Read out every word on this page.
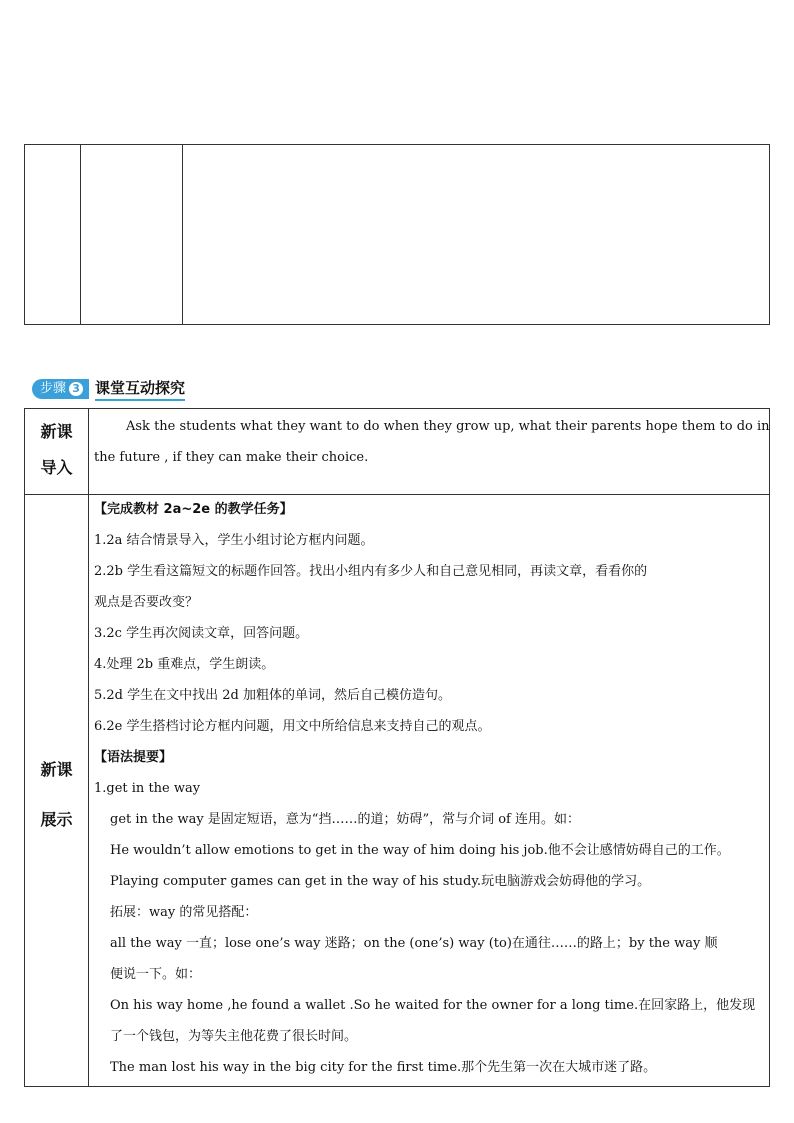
步骤 3 课堂互动探究
新课
导入
Ask the students what they want to do when they grow up, what their parents hope them to do in
the future , if they can make their choice.
新课
展示
【完成教材 2a~2e 的教学任务】
1.2a 结合情景导入，学生小组讨论方框内问题。
2.2b 学生看这篇短文的标题作回答。找出小组内有多少人和自己意见相同，再读文章，看看你的
观点是否要改变？
3.2c 学生再次阅读文章，回答问题。
4.处理 2b 重难点，学生朗读。
5.2d 学生在文中找出 2d 加粗体的单词，然后自己模仿造句。
6.2e 学生搭档讨论方框内问题，用文中所给信息来支持自己的观点。
【语法提要】
1.get in the way
get in the way 是固定短语，意为“挡……的道；妨碍”，常与介词 of 连用。如：
He wouldn’t allow emotions to get in the way of him doing his job.他不会让感情妨碍自己的工作。
Playing computer games can get in the way of his study.玩电脑游戏会妨碍他的学习。
拓展：way 的常见搭配：
all the way 一直；lose one’s way 迷路；on the (one’s) way (to)在通往……的路上；by the way 顺
便说一下。如：
On his way home ,he found a wallet .So he waited for the owner for a long time.在回家路上，他发现
了一个钱包，为等失主他花费了很长时间。
The man lost his way in the big city for the first time.那个先生第一次在大城市迷了路。
